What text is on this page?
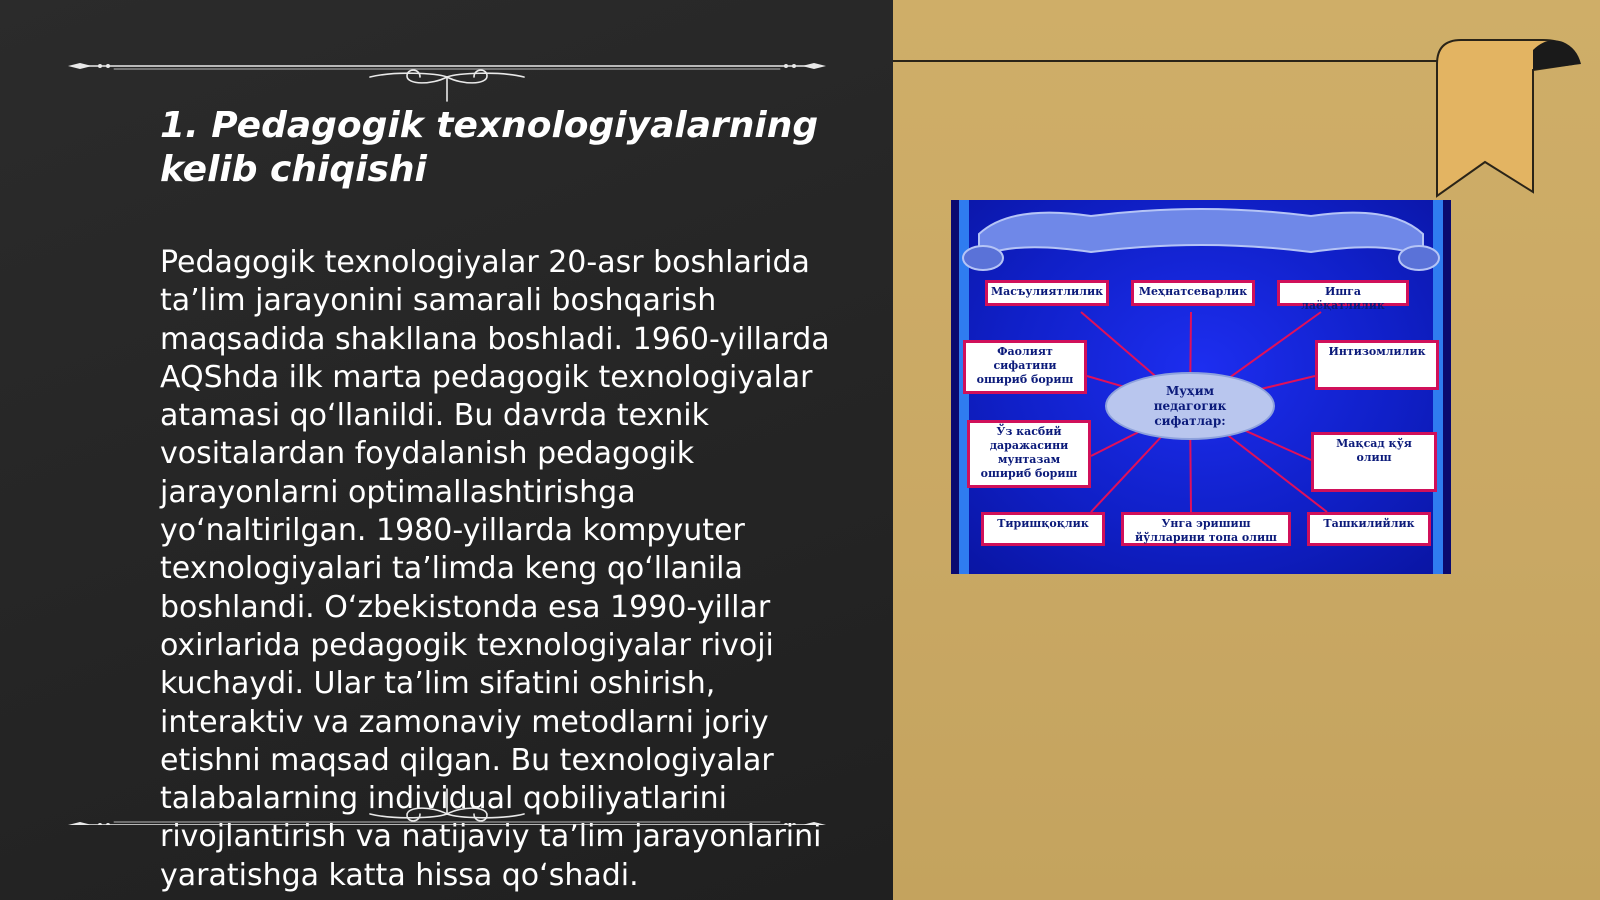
1. Pedagogik texnologiyalarning kelib chiqishi

Pedagogik texnologiyalar 20-asr boshlarida ta’lim jarayonini samarali boshqarish maqsadida shakllana boshladi. 1960-yillarda AQShda ilk marta pedagogik texnologiyalar atamasi qo‘llanildi. Bu davrda texnik vositalardan foydalanish pedagogik jarayonlarni optimallashtirishga yo‘naltirilgan. 1980-yillarda kompyuter texnologiyalari ta’limda keng qo‘llanila boshlandi. O‘zbekistonda esa 1990-yillar oxirlarida pedagogik texnologiyalar rivoji kuchaydi. Ular ta’lim sifatini oshirish, interaktiv va zamonaviy metodlarni joriy etishni maqsad qilgan. Bu texnologiyalar talabalarning individual qobiliyatlarini rivojlantirish va natijaviy ta’lim jarayonlarini yaratishga katta hissa qo‘shadi.

Масъулиятлилик	Меҳнатсеварлик	Ишга лаёқатлилик
Фаолият сифатини ошириб бориш
Интизомлилик
Ўз касбий даражасини мунтазам ошириб бориш
Мақсад қўя олиш
Тиришқоқлик	Унга эришиш йўлларини топа олиш
Ташкилийлик
Муҳим педагогик сифатлар:
